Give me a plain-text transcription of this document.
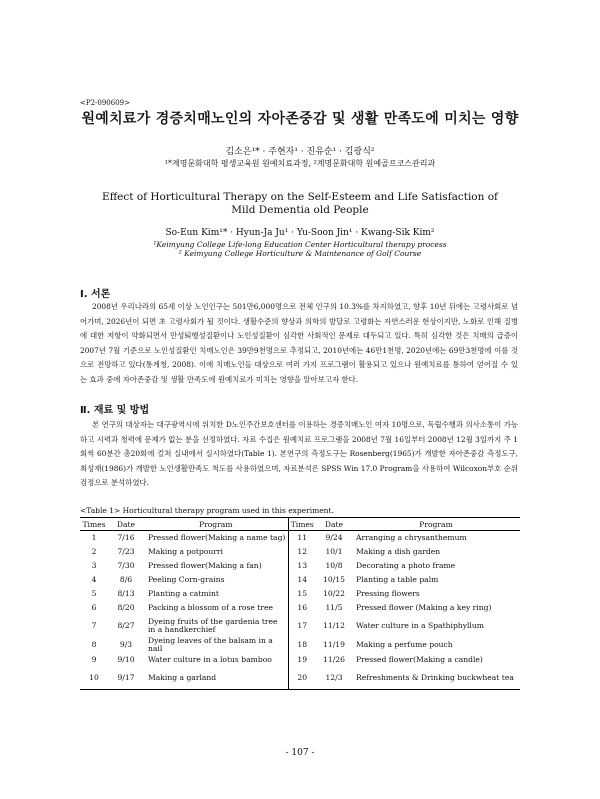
<P2-090609>
원예치료가 경증치매노인의 자아존중감 및 생활 만족도에 미치는 영향
김소은¹* · 주현자¹ · 진유순¹ · 김광식²
¹*계명문화대학 평생교육원 원예치료과정, ²계명문화대학 원예골프코스관리과
Effect of Horticultural Therapy on the Self-Esteem and Life Satisfaction of Mild Dementia old People
So-Eun Kim¹* · Hyun-Ja Ju¹ · Yu-Soon Jin¹ · Kwang-Sik Kim²
¹Keimyung College Life-long Education Center Horticultural therapy process
² Keimyung College Horticulture & Maintenance of Golf Course
Ⅰ. 서론
2008년 우리나라의 65세 이상 노인인구는 501만6,000명으로 전체 인구의 10.3%를 차지하였고, 향후 10년 뒤에는 고령사회로 넘어가며, 2026년이 되면 초 고령사회가 될 것이다. 생활수준의 향상과 의학의 발달로 고령화는 자연스러운 현상이지만, 노화로 인해 질병에 대한 저항이 약화되면서 만성퇴행성질환이나 노인성질환이 심각한 사회적인 문제로 대두되고 있다. 특히 심각한 것은 치매의 급증이 2007년 7월 기준으로 노인성질환인 치매노인은 39만9천명으로 추정되고, 2010년에는 46만1천명, 2020년에는 69만3천명에 이를 것으로 전망하고 있다(통계청, 2008). 이에 치매노인들 대상으로 여러 가지 프로그램이 활용되고 있으나 원예치료를 통하여 얻어질 수 있는 효과 중에 자아존중감 및 생활 만족도에 원예치료가 미치는 영향을 알아보고자 한다.
Ⅱ. 재료 및 방법
본 연구의 대상자는 대구광역시에 위치한 D노인주간보호센터를 이용하는 경증치매노인 여자 10명으로, 독립수행과 의사소통이 가능하고 시력과 청력에 문제가 없는 분을 선정하였다. 자료 수집은 원예치료 프로그램을 2008년 7월 16일부터 2008년 12월 3일까지 주 1회씩 60분간 총20회에 걸쳐 실내에서 실시하였다(Table 1). 본연구의 측정도구는 Rosenberg(1965)가 개발한 자아존중감 측정도구, 최성재(1986)가 개발한 노인생활만족도 척도를 사용하였으며, 자료분석은 SPSS Win 17.0 Program을 사용하여 Wilcoxon부호 순위 검정으로 분석하였다.
<Table 1> Horticultural therapy program used in this experiment.
Times	Date	Program	Times	Date	Program
1	7/16	Pressed flower(Making a name tag)	11	9/24	Arranging a chrysanthemum
2	7/23	Making a potpourri	12	10/1	Making a dish garden
3	7/30	Pressed flower(Making a fan)	13	10/8	Decorating a photo frame
4	8/6	Peeling Corn-grains	14	10/15	Planting a table palm
5	8/13	Planting a catmint	15	10/22	Pressing flowers
6	8/20	Packing a blossom of a rose tree	16	11/5	Pressed flower (Making a key ring)
7	8/27	Dyeing fruits of the gardenia tree in a handkerchief	17	11/12	Water culture in a Spathiphyllum
8	9/3	Dyeing leaves of the balsam in a nail	18	11/19	Making a perfume pouch
9	9/10	Water culture in a lotus bamboo	19	11/26	Pressed flower(Making a candle)
10	9/17	Making a garland	20	12/3	Refreshments & Drinking buckwheat tea
- 107 -
